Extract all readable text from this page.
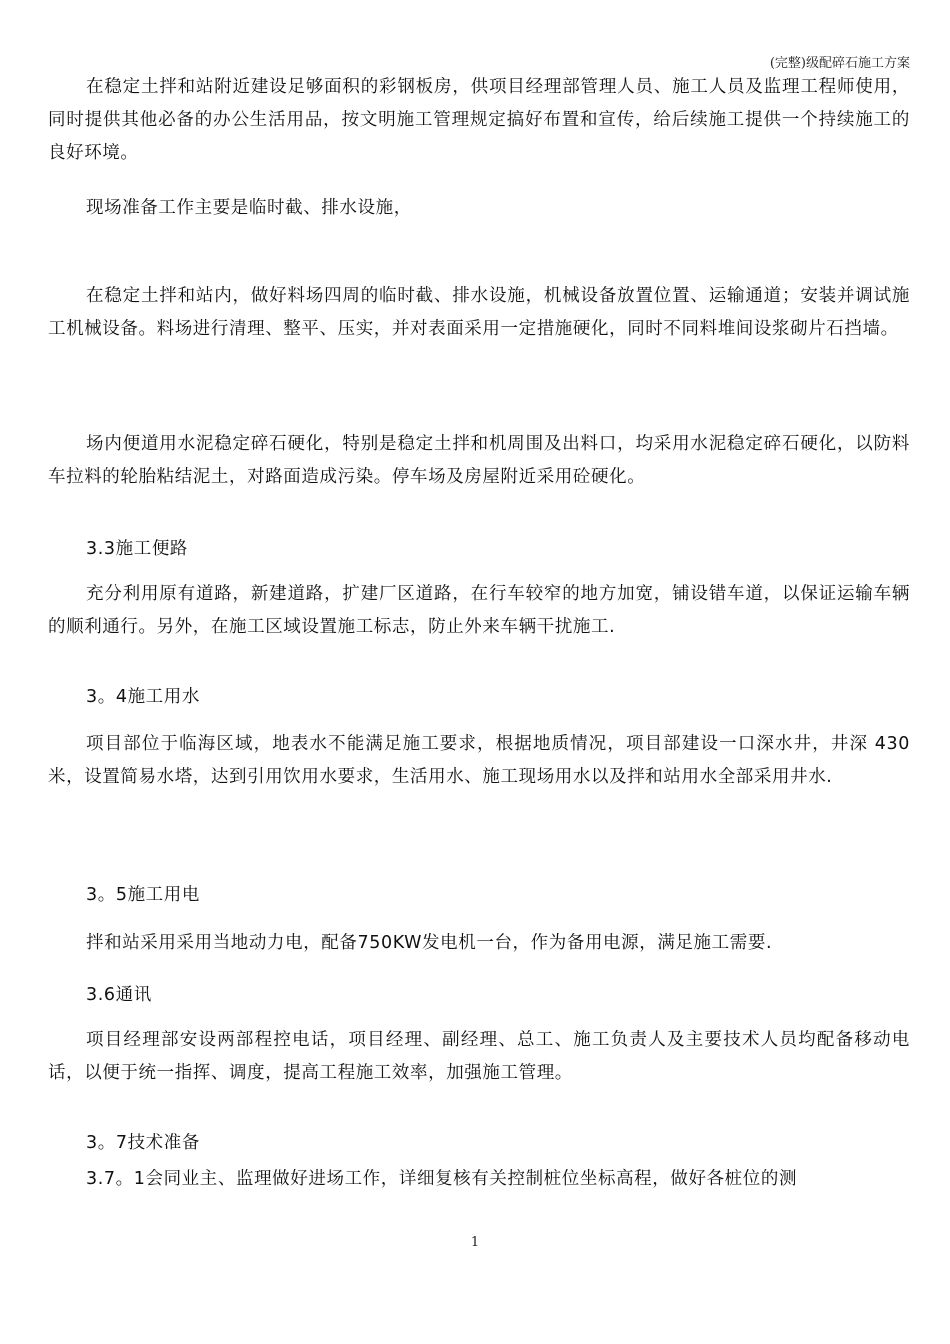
(完整)级配碎石施工方案

在稳定土拌和站附近建设足够面积的彩钢板房，供项目经理部管理人员、施工人员及监理工程师使用，同时提供其他必备的办公生活用品，按文明施工管理规定搞好布置和宣传，给后续施工提供一个持续施工的良好环境。

现场准备工作主要是临时截、排水设施，

在稳定土拌和站内，做好料场四周的临时截、排水设施，机械设备放置位置、运输通道；安装并调试施工机械设备。料场进行清理、整平、压实，并对表面采用一定措施硬化，同时不同料堆间设浆砌片石挡墙。

场内便道用水泥稳定碎石硬化，特别是稳定土拌和机周围及出料口，均采用水泥稳定碎石硬化，以防料车拉料的轮胎粘结泥土，对路面造成污染。停车场及房屋附近采用砼硬化。

3.3施工便路

充分利用原有道路，新建道路，扩建厂区道路，在行车较窄的地方加宽，铺设错车道，以保证运输车辆的顺利通行。另外，在施工区域设置施工标志，防止外来车辆干扰施工.

3。4施工用水

项目部位于临海区域，地表水不能满足施工要求，根据地质情况，项目部建设一口深水井，井深 430 米，设置简易水塔，达到引用饮用水要求，生活用水、施工现场用水以及拌和站用水全部采用井水.

3。5施工用电

拌和站采用采用当地动力电，配备750KW发电机一台，作为备用电源，满足施工需要.

3.6通讯

项目经理部安设两部程控电话，项目经理、副经理、总工、施工负责人及主要技术人员均配备移动电话，以便于统一指挥、调度，提高工程施工效率，加强施工管理。

3。7技术准备

3.7。1会同业主、监理做好进场工作，详细复核有关控制桩位坐标高程，做好各桩位的测

1
